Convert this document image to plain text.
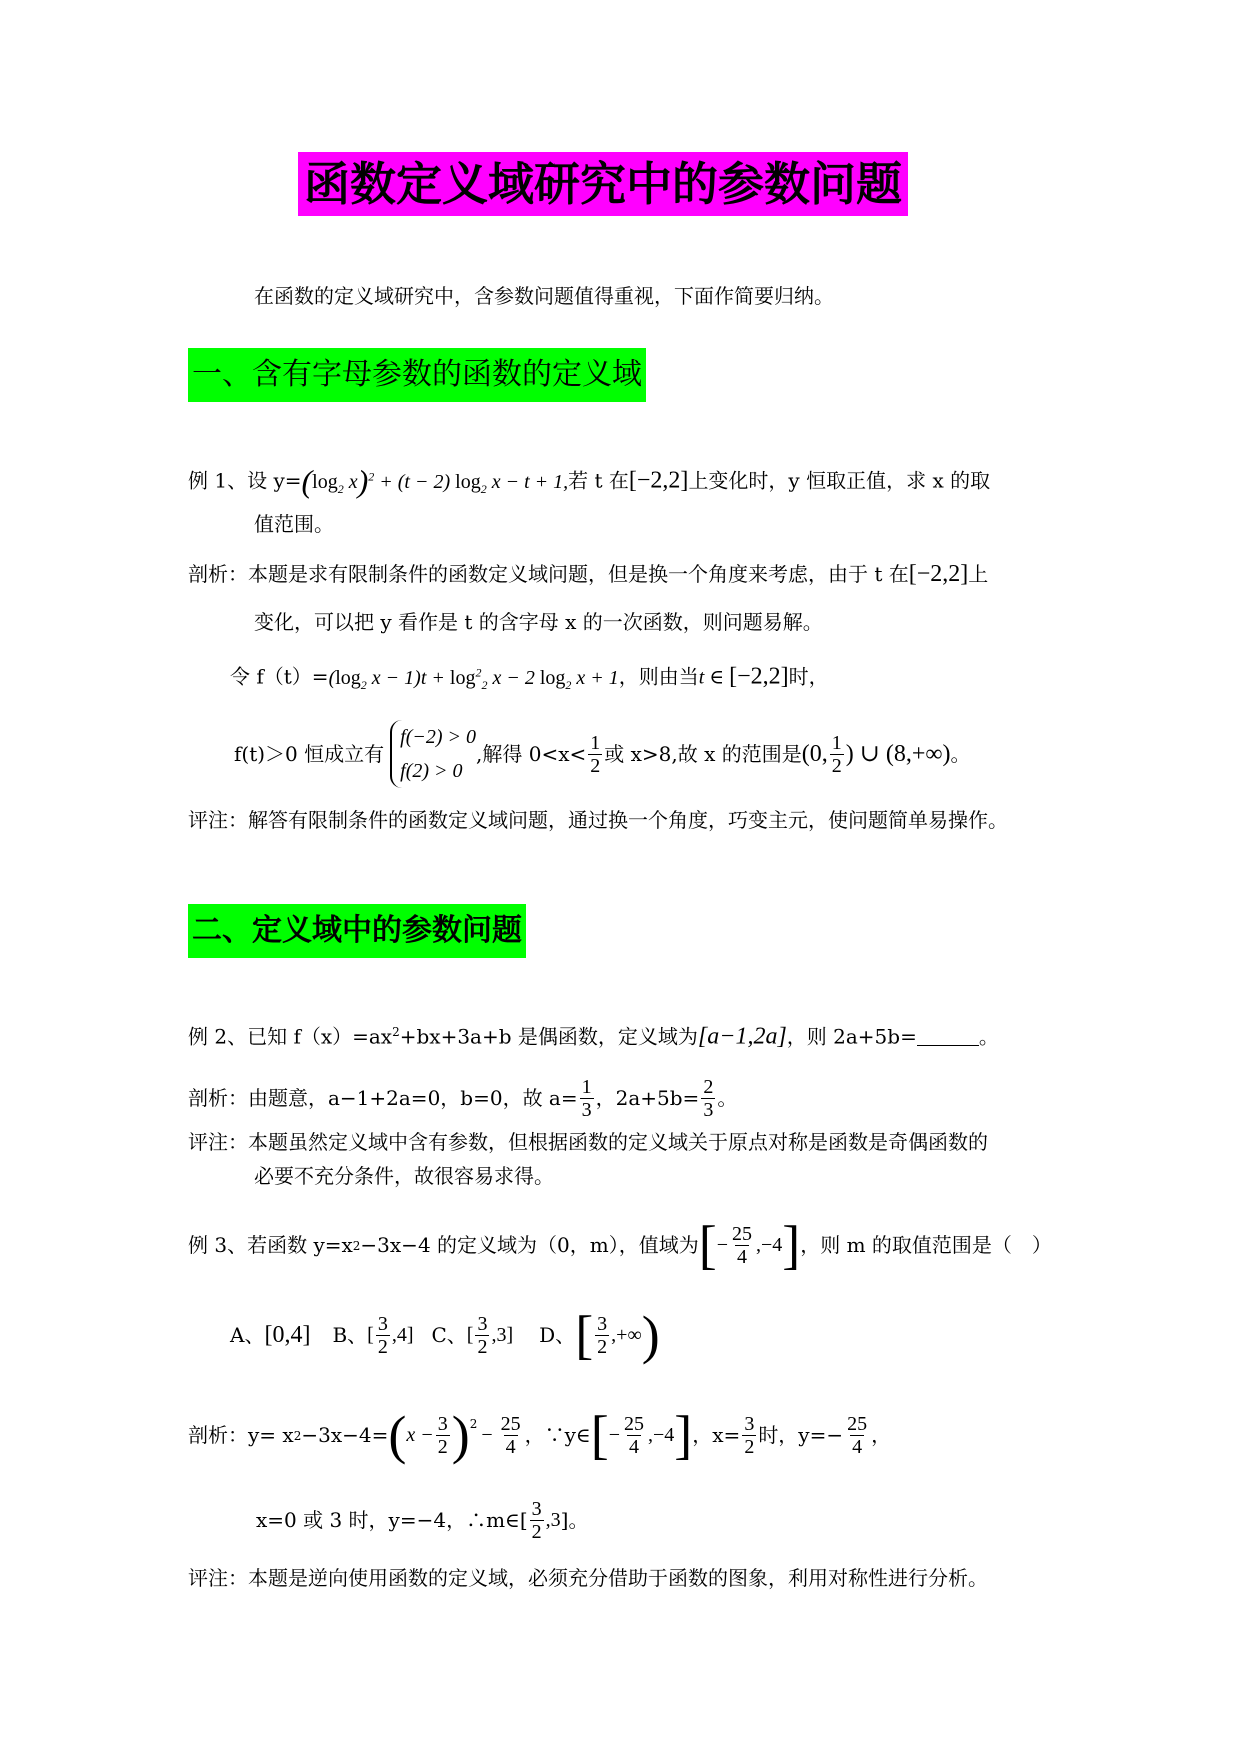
函数定义域研究中的参数问题
在函数的定义域研究中，含参数问题值得重视，下面作简要归纳。
一、含有字母参数的函数的定义域
例 1、设 $y=(\log_2$ x)$^2$ + (t − 2) $\log_2 x - t + 1$,若 t 在[−2,2]上变化时，y 恒取正值，求 x 的取
值范围。
剖析：本题是求有限制条件的函数定义域问题，但是换一个角度来考虑，由于 t 在[−2,2]上
变化，可以把 y 看作是 t 的含字母 x 的一次函数，则问题易解。
令 $f(t)=(\log_2$ $x - 1)t + \log^2_2 x - 2$ $\log_2 x + 1$，则由当t ∈ [−2,2]时，
f(t)＞0 恒成立有
f(−2) > 0
f(2) > 0
,解得 $0<x< \frac{1}{2}$ 或 x>8,故 x 的范围是 (0, $\frac{1}{2}$ ) ∪ (8,+∞) 。
评注：解答有限制条件的函数定义域问题，通过换一个角度，巧变主元，使问题简单易操作。
二、定义域中的参数问题
例 2、已知 $f(x)=ax^2+bx+3a+b$ 是偶函数，定义域为[a−1,2a]，则 2a+5b=	。
剖析：由题意，a−1+2a=0，b=0，故 $a= \frac{1}{3}$ ，$2a+5b= \frac{2}{3}$ 。
评注：本题虽然定义域中含有参数，但根据函数的定义域关于原点对称是函数是奇偶函数的
必要不充分条件，故很容易求得。
例 3、若函数 y=x 2 −3x−4 的定义域为（0，m），值域为 [ − $\frac{25}{4} ,-4$ ] ，则 m 的取值范围是（　）
A、 [0,4] B、 [ $\frac{3}{2} ,4$] C、 [ $\frac{3}{2} ,3$] D、 [ $\frac{3}{2}$ ,+∞ )
剖析：y= x 2 −3x−4= ( $x - \frac{3}{2} )^2 - \frac{25}{4}$ ，∵y∈ [ − $\frac{25}{4} ,-4$ ] ，$x= \frac{3}{2}$ 时，$y=- \frac{25}{4}$ ，
x=0 或 3 时，y=−4，∴m∈[ $\frac{3}{2} ,3$ ]。
评注：本题是逆向使用函数的定义域，必须充分借助于函数的图象，利用对称性进行分析。
